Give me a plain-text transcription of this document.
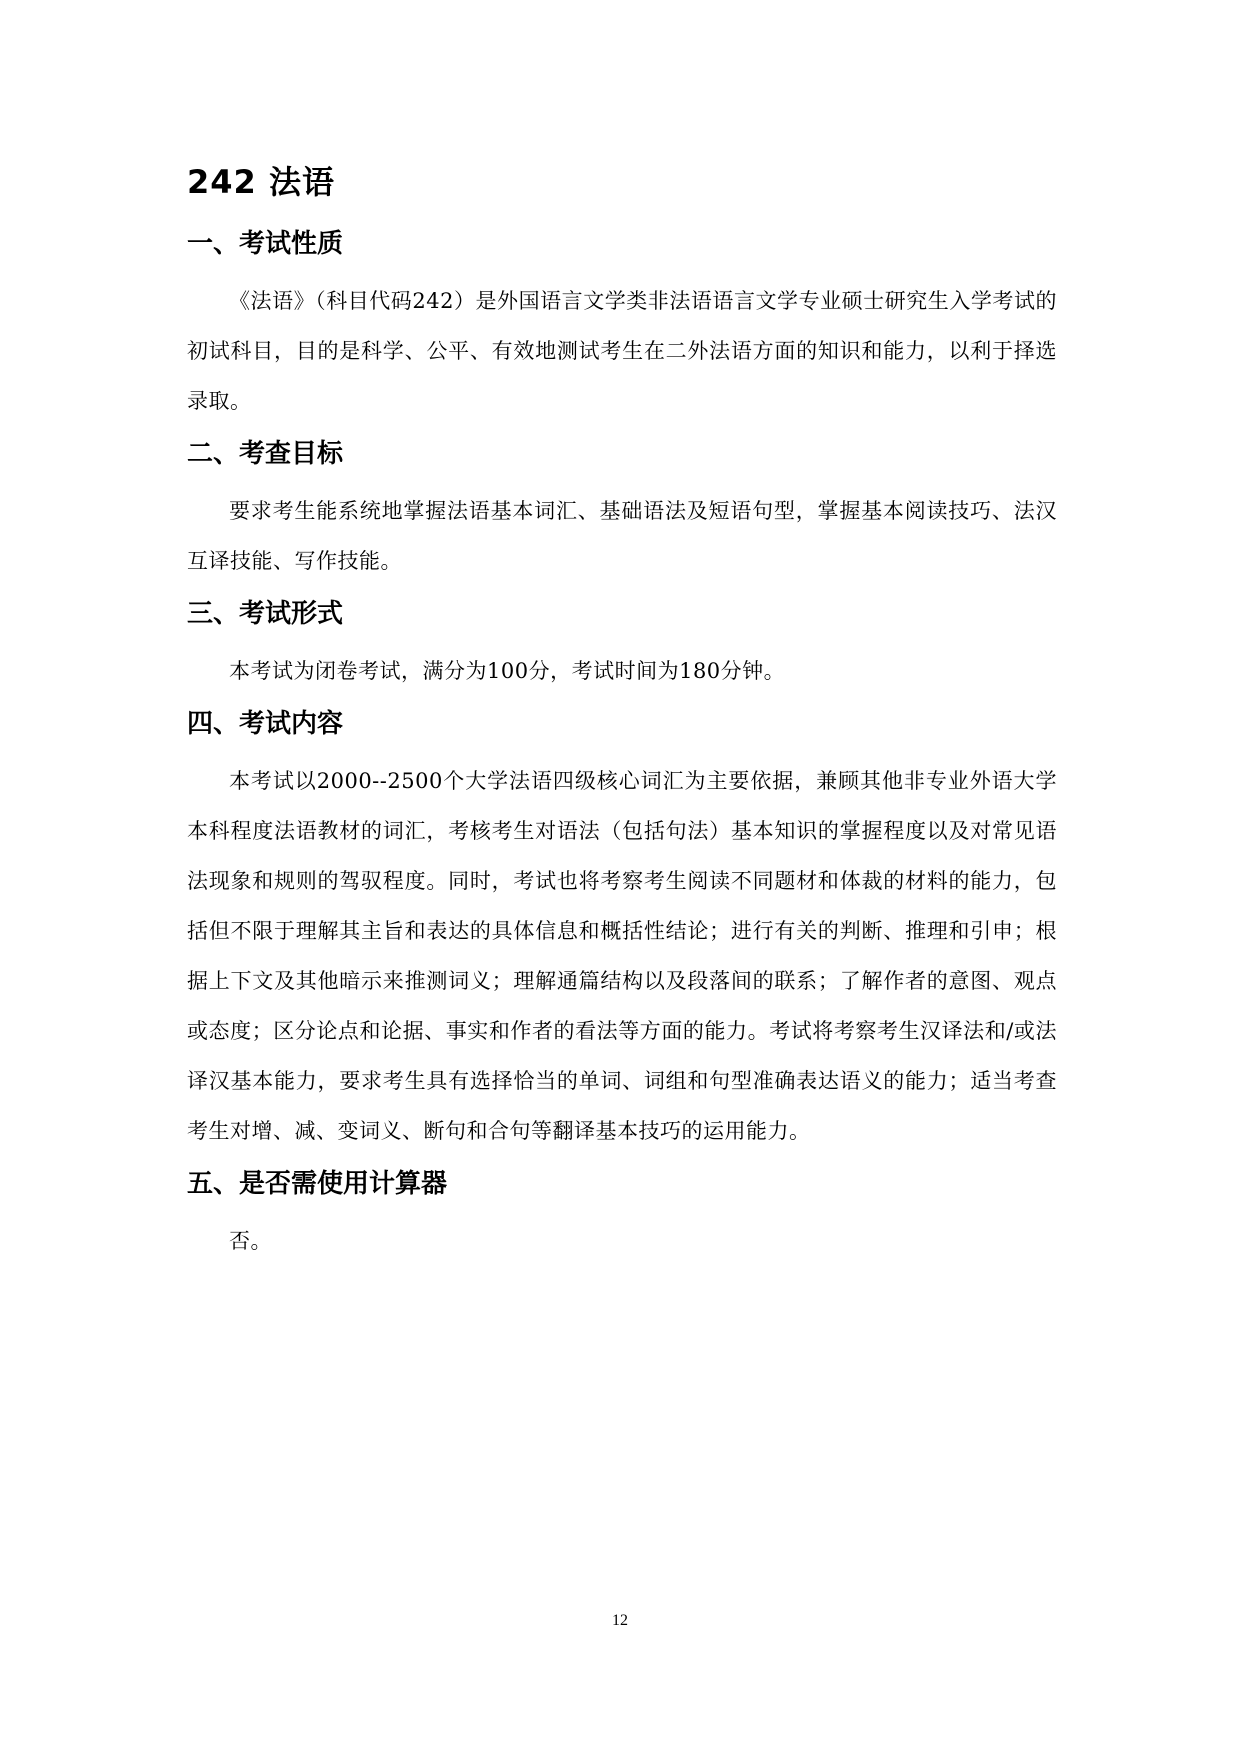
242 法语
一、考试性质

《法语》（科目代码242）是外国语言文学类非法语语言文学专业硕士研究生入学考试的初试科目，目的是科学、公平、有效地测试考生在二外法语方面的知识和能力，以利于择选录取。

二、考查目标

要求考生能系统地掌握法语基本词汇、基础语法及短语句型，掌握基本阅读技巧、法汉互译技能、写作技能。

三、考试形式

本考试为闭卷考试，满分为100分，考试时间为180分钟。

四、考试内容

本考试以2000--2500个大学法语四级核心词汇为主要依据，兼顾其他非专业外语大学本科程度法语教材的词汇，考核考生对语法（包括句法）基本知识的掌握程度以及对常见语法现象和规则的驾驭程度。同时，考试也将考察考生阅读不同题材和体裁的材料的能力，包括但不限于理解其主旨和表达的具体信息和概括性结论；进行有关的判断、推理和引申；根据上下文及其他暗示来推测词义；理解通篇结构以及段落间的联系；了解作者的意图、观点或态度；区分论点和论据、事实和作者的看法等方面的能力。考试将考察考生汉译法和/或法译汉基本能力，要求考生具有选择恰当的单词、词组和句型准确表达语义的能力；适当考查考生对增、减、变词义、断句和合句等翻译基本技巧的运用能力。

五、是否需使用计算器

否。

12
